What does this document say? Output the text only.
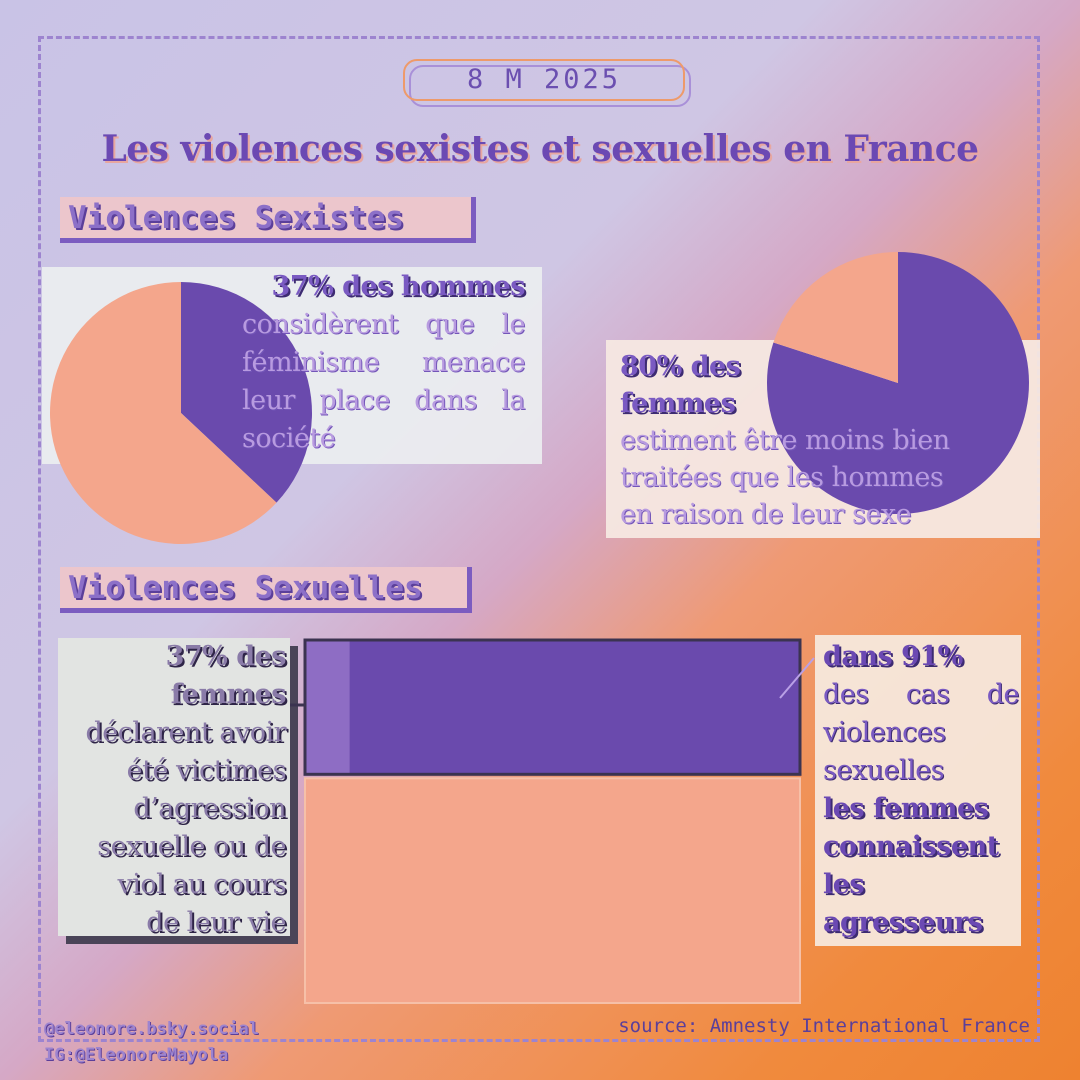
8 M 2025
Les violences sexistes et sexuelles en France
Violences Sexistes
37% des hommes
considèrent que le
féminisme menace
leur place dans la
société
80% des
femmes
estiment être moins bien
traitées que les hommes
en raison de leur sexe
Violences Sexuelles
37% des
femmes
déclarent avoir
été victimes
d’agression
sexuelle ou de
viol au cours
de leur vie
dans 91%
des cas de
violences
sexuelles
les femmes
connaissent
les
agresseurs
@eleonore.bsky.social
IG:@EleonoreMayola
source: Amnesty International France
